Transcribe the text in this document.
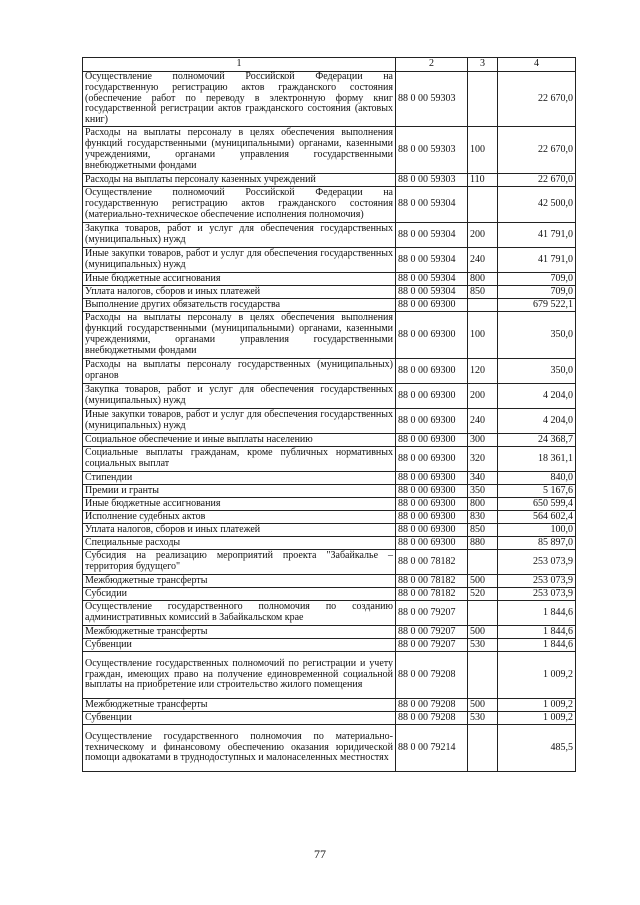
1	2	3	4
Осуществление полномочий Российской Федерации на государственную регистрацию актов гражданского состояния (обеспечение работ по переводу в электронную форму книг государственной регистрации актов гражданского состояния (актовых книг)	88 0 00 59303		22 670,0
Расходы на выплаты персоналу в целях обеспечения выполнения функций государственными (муниципальными) органами, казенными учреждениями, органами управления государственными внебюджетными фондами	88 0 00 59303	100	22 670,0
Расходы на выплаты персоналу казенных учреждений	88 0 00 59303	110	22 670,0
Осуществление полномочий Российской Федерации на государственную регистрацию актов гражданского состояния (материально-техническое обеспечение исполнения полномочия)	88 0 00 59304		42 500,0
Закупка товаров, работ и услуг для обеспечения государственных (муниципальных) нужд	88 0 00 59304	200	41 791,0
Иные закупки товаров, работ и услуг для обеспечения государственных (муниципальных) нужд	88 0 00 59304	240	41 791,0
Иные бюджетные ассигнования	88 0 00 59304	800	709,0
Уплата налогов, сборов и иных платежей	88 0 00 59304	850	709,0
Выполнение других обязательств государства	88 0 00 69300		679 522,1
Расходы на выплаты персоналу в целях обеспечения выполнения функций государственными (муниципальными) органами, казенными учреждениями, органами управления государственными внебюджетными фондами	88 0 00 69300	100	350,0
Расходы на выплаты персоналу государственных (муниципальных) органов	88 0 00 69300	120	350,0
Закупка товаров, работ и услуг для обеспечения государственных (муниципальных) нужд	88 0 00 69300	200	4 204,0
Иные закупки товаров, работ и услуг для обеспечения государственных (муниципальных) нужд	88 0 00 69300	240	4 204,0
Социальное обеспечение и иные выплаты населению	88 0 00 69300	300	24 368,7
Социальные выплаты гражданам, кроме публичных нормативных социальных выплат	88 0 00 69300	320	18 361,1
Стипендии	88 0 00 69300	340	840,0
Премии и гранты	88 0 00 69300	350	5 167,6
Иные бюджетные ассигнования	88 0 00 69300	800	650 599,4
Исполнение судебных актов	88 0 00 69300	830	564 602,4
Уплата налогов, сборов и иных платежей	88 0 00 69300	850	100,0
Специальные расходы	88 0 00 69300	880	85 897,0
Субсидия на реализацию мероприятий проекта "Забайкалье – территория будущего"	88 0 00 78182		253 073,9
Межбюджетные трансферты	88 0 00 78182	500	253 073,9
Субсидии	88 0 00 78182	520	253 073,9
Осуществление государственного полномочия по созданию административных комиссий в Забайкальском крае	88 0 00 79207		1 844,6
Межбюджетные трансферты	88 0 00 79207	500	1 844,6
Субвенции	88 0 00 79207	530	1 844,6
Осуществление государственных полномочий по регистрации и учету граждан, имеющих право на получение единовременной социальной выплаты на приобретение или строительство жилого помещения	88 0 00 79208		1 009,2
Межбюджетные трансферты	88 0 00 79208	500	1 009,2
Субвенции	88 0 00 79208	530	1 009,2
Осуществление государственного полномочия по материально-техническому и финансовому обеспечению оказания юридической помощи адвокатами в труднодоступных и малонаселенных местностях	88 0 00 79214		485,5
77
